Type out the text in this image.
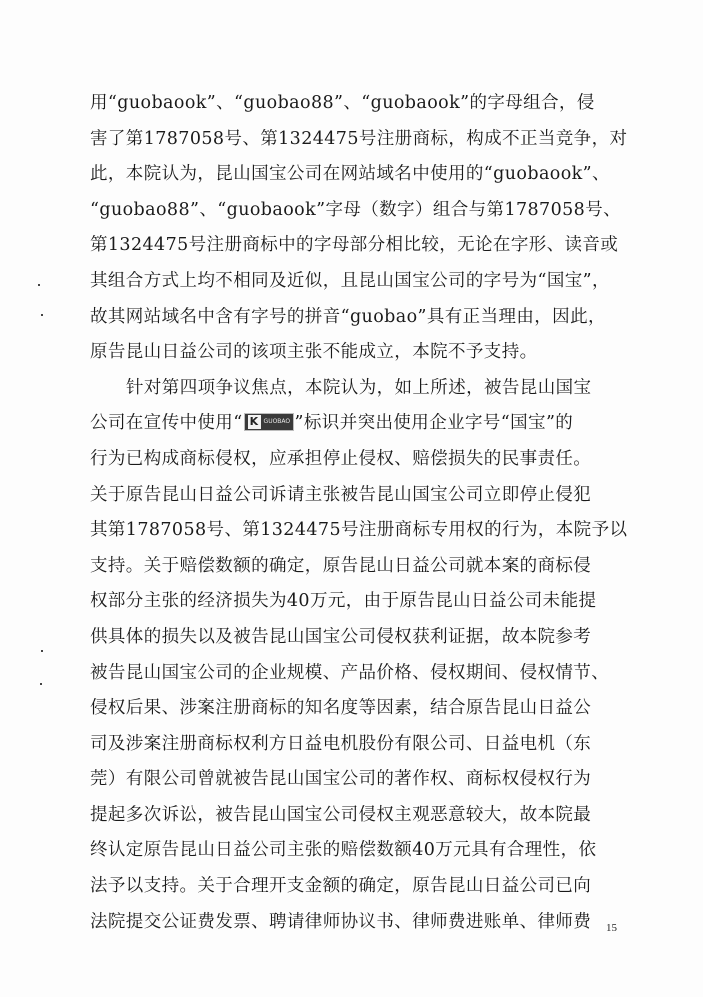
用“guobaook”、“guobao88”、“guobaook”的字母组合，侵
害了第1787058号、第1324475号注册商标，构成不正当竞争，对
此，本院认为，昆山国宝公司在网站域名中使用的“guobaook”、
“guobao88”、“guobaook”字母（数字）组合与第1787058号、
第1324475号注册商标中的字母部分相比较，无论在字形、读音或
其组合方式上均不相同及近似，且昆山国宝公司的字号为“国宝”，
故其网站域名中含有字号的拼音“guobao”具有正当理由，因此，
原告昆山日益公司的该项主张不能成立，本院不予支持。
针对第四项争议焦点，本院认为，如上所述，被告昆山国宝
公司在宣传中使用“ K GUOBAO ”标识并突出使用企业字号“国宝”的
行为已构成商标侵权，应承担停止侵权、赔偿损失的民事责任。
关于原告昆山日益公司诉请主张被告昆山国宝公司立即停止侵犯
其第1787058号、第1324475号注册商标专用权的行为，本院予以
支持。关于赔偿数额的确定，原告昆山日益公司就本案的商标侵
权部分主张的经济损失为40万元，由于原告昆山日益公司未能提
供具体的损失以及被告昆山国宝公司侵权获利证据，故本院参考
被告昆山国宝公司的企业规模、产品价格、侵权期间、侵权情节、
侵权后果、涉案注册商标的知名度等因素，结合原告昆山日益公
司及涉案注册商标权利方日益电机股份有限公司、日益电机（东
莞）有限公司曾就被告昆山国宝公司的著作权、商标权侵权行为
提起多次诉讼，被告昆山国宝公司侵权主观恶意较大，故本院最
终认定原告昆山日益公司主张的赔偿数额40万元具有合理性，依
法予以支持。关于合理开支金额的确定，原告昆山日益公司已向
法院提交公证费发票、聘请律师协议书、律师费进账单、律师费	15
